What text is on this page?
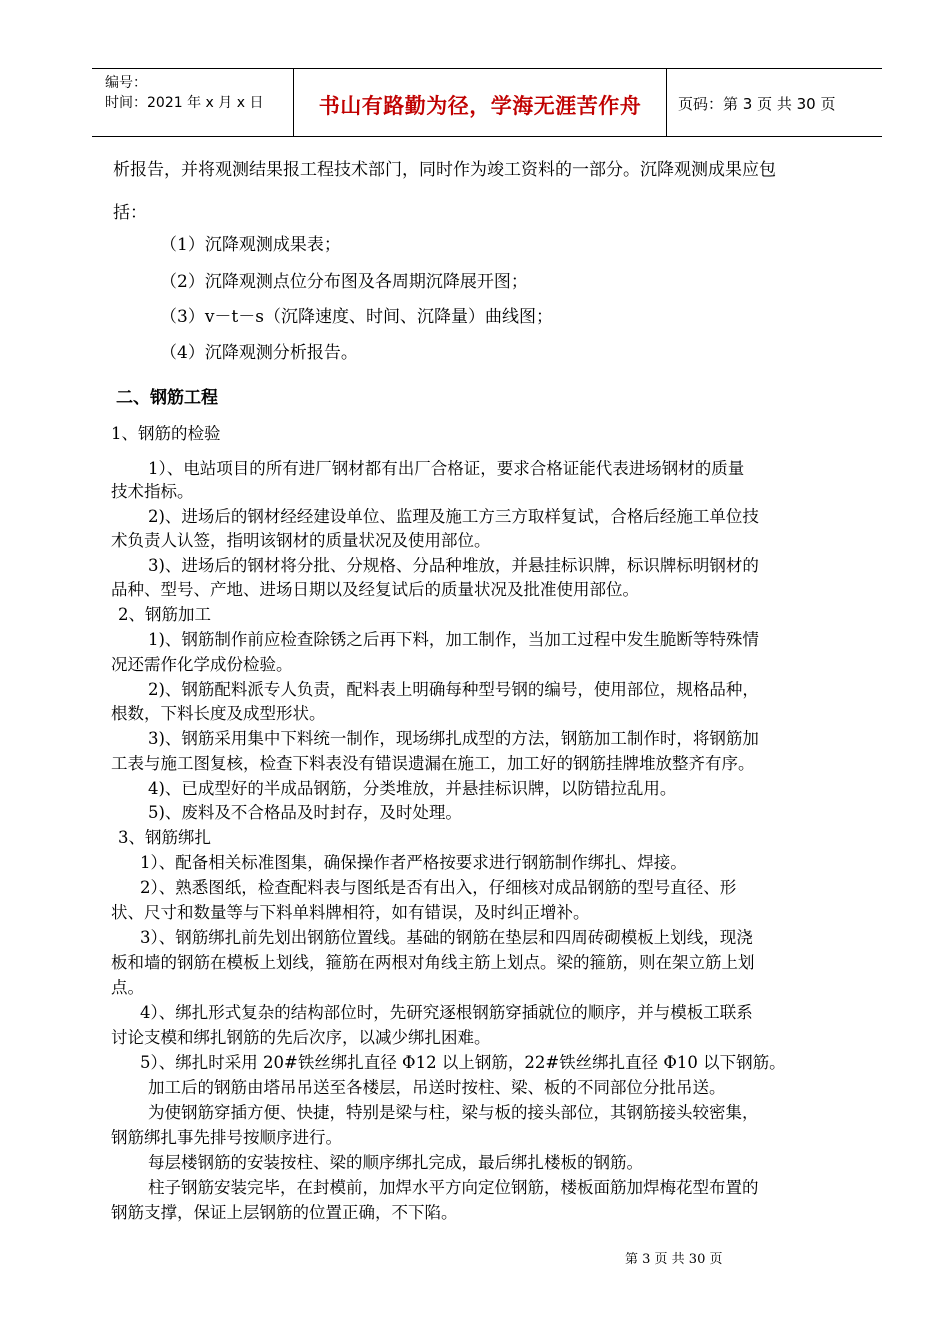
编号：
时间：2021 年 x 月 x 日	书山有路勤为径，学海无涯苦作舟	页码：第 3 页 共 30 页
析报告，并将观测结果报工程技术部门，同时作为竣工资料的一部分。沉降观测成果应包
括：
（1）沉降观测成果表；
（2）沉降观测点位分布图及各周期沉降展开图；
（3）v－t－s（沉降速度、时间、沉降量）曲线图；
（4）沉降观测分析报告。
二、钢筋工程
1、钢筋的检验
1）、电站项目的所有进厂钢材都有出厂合格证，要求合格证能代表进场钢材的质量
技术指标。
2)、进场后的钢材经经建设单位、监理及施工方三方取样复试，合格后经施工单位技
术负责人认签，指明该钢材的质量状况及使用部位。
3)、进场后的钢材将分批、分规格、分品种堆放，并悬挂标识牌，标识牌标明钢材的
品种、型号、产地、进场日期以及经复试后的质量状况及批准使用部位。
2、钢筋加工
1)、钢筋制作前应检查除锈之后再下料，加工制作，当加工过程中发生脆断等特殊情
况还需作化学成份检验。
2)、钢筋配料派专人负责，配料表上明确每种型号钢的编号，使用部位，规格品种，
根数，下料长度及成型形状。
3)、钢筋采用集中下料统一制作，现场绑扎成型的方法，钢筋加工制作时，将钢筋加
工表与施工图复核，检查下料表没有错误遗漏在施工，加工好的钢筋挂牌堆放整齐有序。
4)、已成型好的半成品钢筋，分类堆放，并悬挂标识牌，以防错拉乱用。
5)、废料及不合格品及时封存，及时处理。
3、钢筋绑扎
1）、配备相关标准图集，确保操作者严格按要求进行钢筋制作绑扎、焊接。
2）、熟悉图纸，检查配料表与图纸是否有出入，仔细核对成品钢筋的型号直径、形
状、尺寸和数量等与下料单料牌相符，如有错误，及时纠正增补。
3）、钢筋绑扎前先划出钢筋位置线。基础的钢筋在垫层和四周砖砌模板上划线，现浇
板和墙的钢筋在模板上划线，箍筋在两根对角线主筋上划点。梁的箍筋，则在架立筋上划
点。
4）、绑扎形式复杂的结构部位时，先研究逐根钢筋穿插就位的顺序，并与模板工联系
讨论支模和绑扎钢筋的先后次序，以减少绑扎困难。
5）、绑扎时采用 20#铁丝绑扎直径 Φ12 以上钢筋，22#铁丝绑扎直径 Φ10 以下钢筋。
加工后的钢筋由塔吊吊送至各楼层，吊送时按柱、梁、板的不同部位分批吊送。
为使钢筋穿插方便、快捷，特别是梁与柱，梁与板的接头部位，其钢筋接头较密集，
钢筋绑扎事先排号按顺序进行。
每层楼钢筋的安装按柱、梁的顺序绑扎完成，最后绑扎楼板的钢筋。
柱子钢筋安装完毕，在封模前，加焊水平方向定位钢筋，楼板面筋加焊梅花型布置的
钢筋支撑，保证上层钢筋的位置正确，不下陷。
第 3 页 共 30 页
